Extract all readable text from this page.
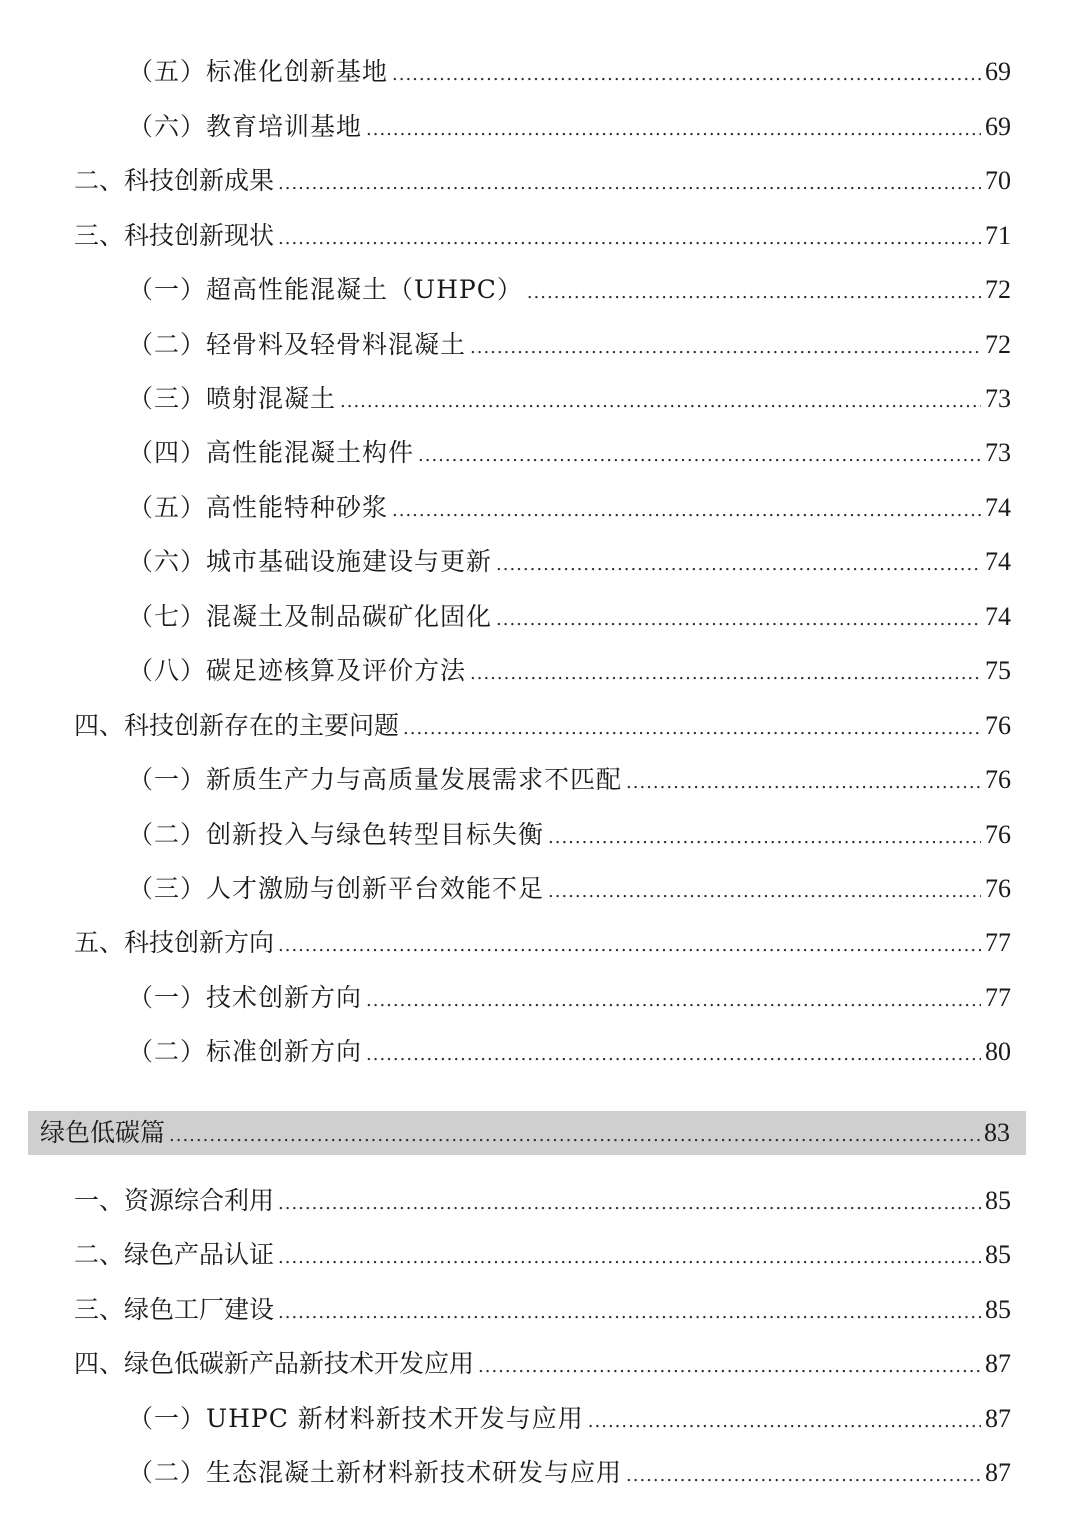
（五）标准化创新基地 .....	69
（六）教育培训基地 .....	69
二、科技创新成果 .....	70
三、科技创新现状 .....	71
（一）超高性能混凝土（UHPC） .....	72
（二）轻骨料及轻骨料混凝土 .....	72
（三）喷射混凝土 .....	73
（四）高性能混凝土构件 .....	73
（五）高性能特种砂浆 .....	74
（六）城市基础设施建设与更新 .....	74
（七）混凝土及制品碳矿化固化 .....	74
（八）碳足迹核算及评价方法 .....	75
四、科技创新存在的主要问题 .....	76
（一）新质生产力与高质量发展需求不匹配 .....	76
（二）创新投入与绿色转型目标失衡 .....	76
（三）人才激励与创新平台效能不足 .....	76
五、科技创新方向 .....	77
（一）技术创新方向 .....	77
（二）标准创新方向 .....	80
绿色低碳篇 .....	83
一、资源综合利用 .....	85
二、绿色产品认证 .....	85
三、绿色工厂建设 .....	85
四、绿色低碳新产品新技术开发应用 .....	87
（一）UHPC 新材料新技术开发与应用 .....	87
（二）生态混凝土新材料新技术研发与应用 .....	87
